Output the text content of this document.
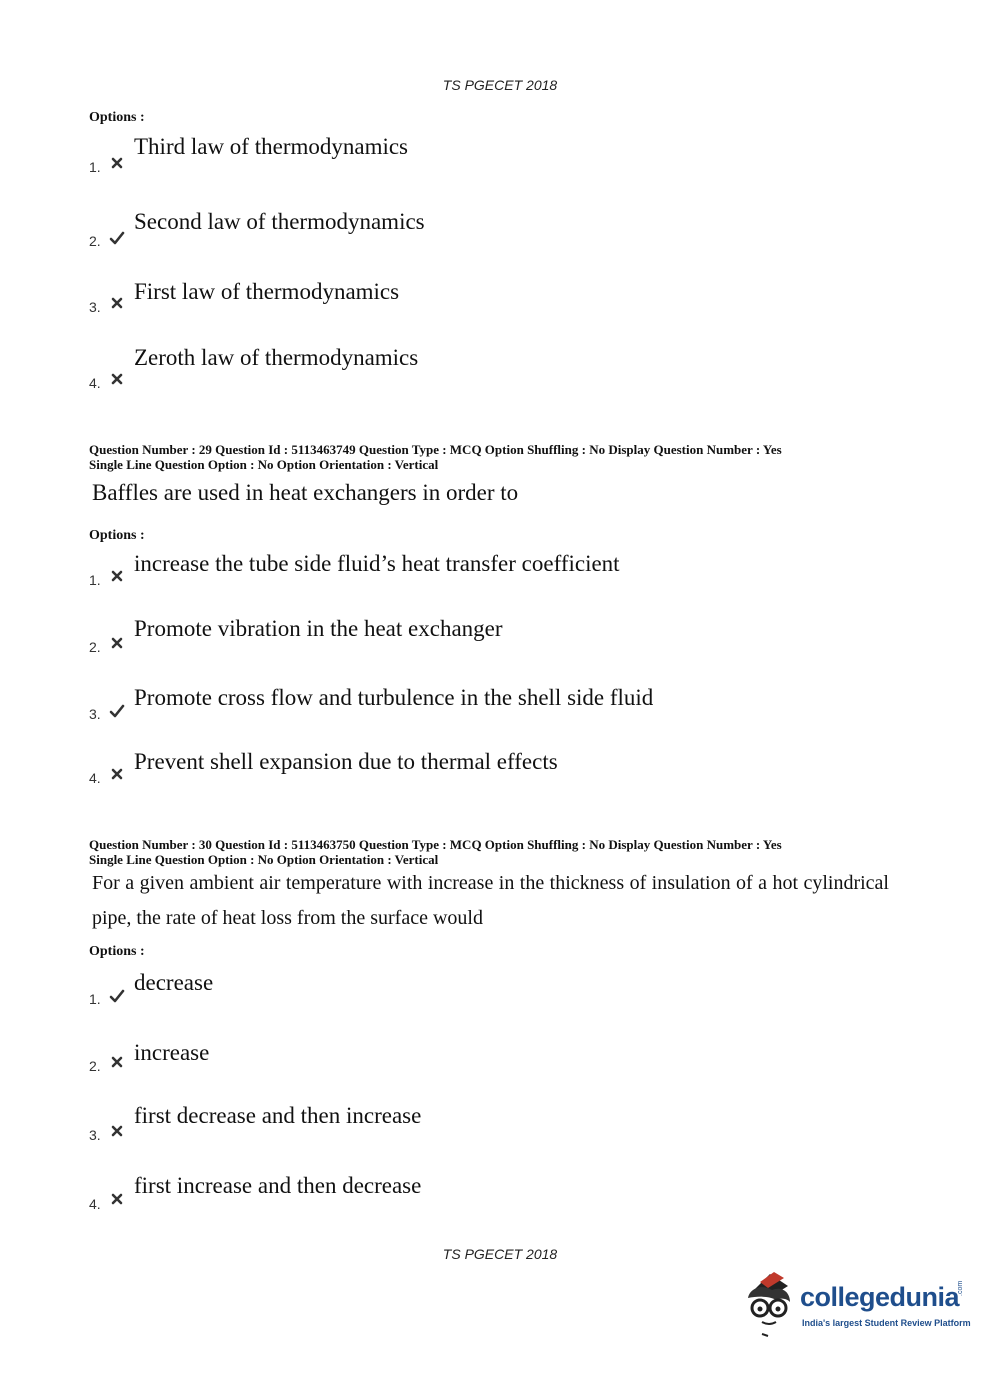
TS PGECET 2018
Options :
1.
Third law of thermodynamics
2.
Second law of thermodynamics
3.
First law of thermodynamics
4.
Zeroth law of thermodynamics
Question Number : 29 Question Id : 5113463749 Question Type : MCQ Option Shuffling : No Display Question Number : Yes
Single Line Question Option : No Option Orientation : Vertical
Baffles are used in heat exchangers in order to
Options :
1.
increase the tube side fluid’s heat transfer coefficient
2.
Promote vibration in the heat exchanger
3.
Promote cross flow and turbulence in the shell side fluid
4.
Prevent shell expansion due to thermal effects
Question Number : 30 Question Id : 5113463750 Question Type : MCQ Option Shuffling : No Display Question Number : Yes
Single Line Question Option : No Option Orientation : Vertical
For a given ambient air temperature with increase in the thickness of insulation of a hot cylindrical pipe, the rate of heat loss from the surface would
Options :
1.
decrease
2.
increase
3.
first decrease and then increase
4.
first increase and then decrease
TS PGECET 2018
collegedunia
.com
India's largest Student Review Platform
